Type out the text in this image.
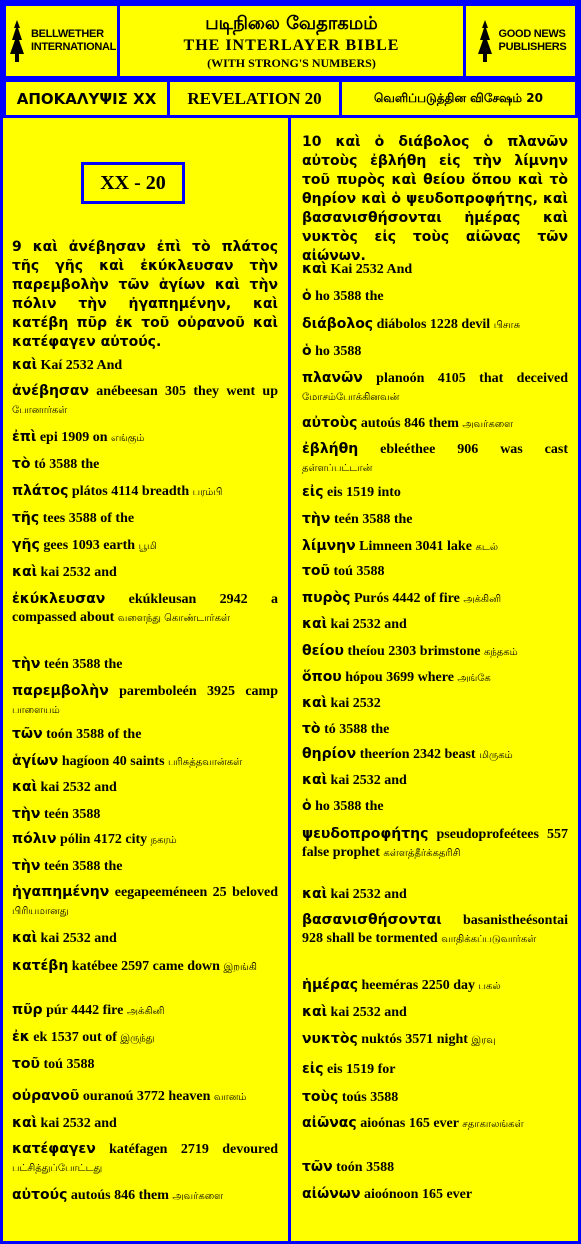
BELLWETHER
INTERNATIONAL
படிநிலை வேதாகமம்
THE INTERLAYER BIBLE
(WITH STRONG'S NUMBERS)
GOOD NEWS
PUBLISHERS
ΑΠΟΚΑΛΥΨΙΣ XX	REVELATION 20	வெளிப்படுத்தின விசேஷம் 20
XX - 20
9 καὶ ἀνέβησαν ἐπὶ τὸ πλάτος τῆς γῆς καὶ ἐκύκλευσαν τὴν παρεμβολὴν τῶν ἁγίων καὶ τὴν πόλιν τὴν ἠγαπημένην, καὶ κατέβη πῦρ ἐκ τοῦ οὐρανοῦ καὶ κατέφαγεν αὐτούς.
10 καὶ ὁ διάβολος ὁ πλανῶν αὐτοὺς ἐβλήθη εἰς τὴν λίμνην τοῦ πυρὸς καὶ θείου ὅπου καὶ τὸ θηρίον καὶ ὁ ψευδοπροφήτης, καὶ βασανισθήσονται ἡμέρας καὶ νυκτὸς εἰς τοὺς αἰῶνας τῶν αἰώνων.
καὶ Kaí 2532 And
ἀνέβησαν anébeesan 305 they went up போனார்கள்
ἐπὶ epi 1909 on எங்கும்
τὸ tó 3588 the
πλάτος plátos 4114 breadth பரம்பி
τῆς tees 3588 of the
γῆς gees 1093 earth பூமி
καὶ kai 2532 and
ἐκύκλευσαν ekúkleusan 2942 a compassed about வளைந்து கொண்டார்கள்
τὴν teén 3588 the
παρεμβολὴν paremboleén 3925 camp பாளையம்
τῶν toón 3588 of the
ἁγίων hagíoon 40 saints பரிசுத்தவான்கள்
καὶ kai 2532 and
τὴν teén 3588
πόλιν pólin 4172 city நகரம்
τὴν teén 3588 the
ἠγαπημένην eegapeeméneen 25 beloved பிரியமானது
καὶ kai 2532 and
κατέβη katébee 2597 came down இறங்கி
πῦρ púr 4442 fire அக்கினி
ἐκ ek 1537 out of இருந்து
τοῦ toú 3588
οὐρανοῦ ouranoú 3772 heaven வானம்
καὶ kai 2532 and
κατέφαγεν katéfagen 2719 devoured பட்சித்துப்போட்டது
αὐτούς autoús 846 them அவர்களை
καὶ Kai 2532 And
ὁ ho 3588 the
διάβολος diábolos 1228 devil பிசாசு
ὁ ho 3588
πλανῶν planoón 4105 that deceived மோசம்போக்கினவன்
αὐτοὺς autoús 846 them அவர்களை
ἐβλήθη ebleéthee 906 was cast தள்ளப்பட்டான்
εἰς eis 1519 into
τὴν teén 3588 the
λίμνην Limneen 3041 lake கடல்
τοῦ toú 3588
πυρὸς Purós 4442 of fire அக்கினி
καὶ kai 2532 and
θείου theíou 2303 brimstone கந்தகம்
ὅπου hópou 3699 where அங்கே
καὶ kai 2532
τὸ tó 3588 the
θηρίον theeríon 2342 beast மிருகம்
καὶ kai 2532 and
ὁ ho 3588 the
ψευδοπροφήτης pseudoprofeétees 557 false prophet கள்ளத்தீர்க்கதரிசி
καὶ kai 2532 and
βασανισθήσονται basanistheésontai 928 shall be tormented வாதிக்கப்படுவார்கள்
ἡμέρας heeméras 2250 day பகல்
καὶ kai 2532 and
νυκτὸς nuktós 3571 night இரவு
εἰς eis 1519 for
τοὺς toús 3588
αἰῶνας aioónas 165 ever சதாகாலங்கள்
τῶν toón 3588
αἰώνων aioónoon 165 ever
